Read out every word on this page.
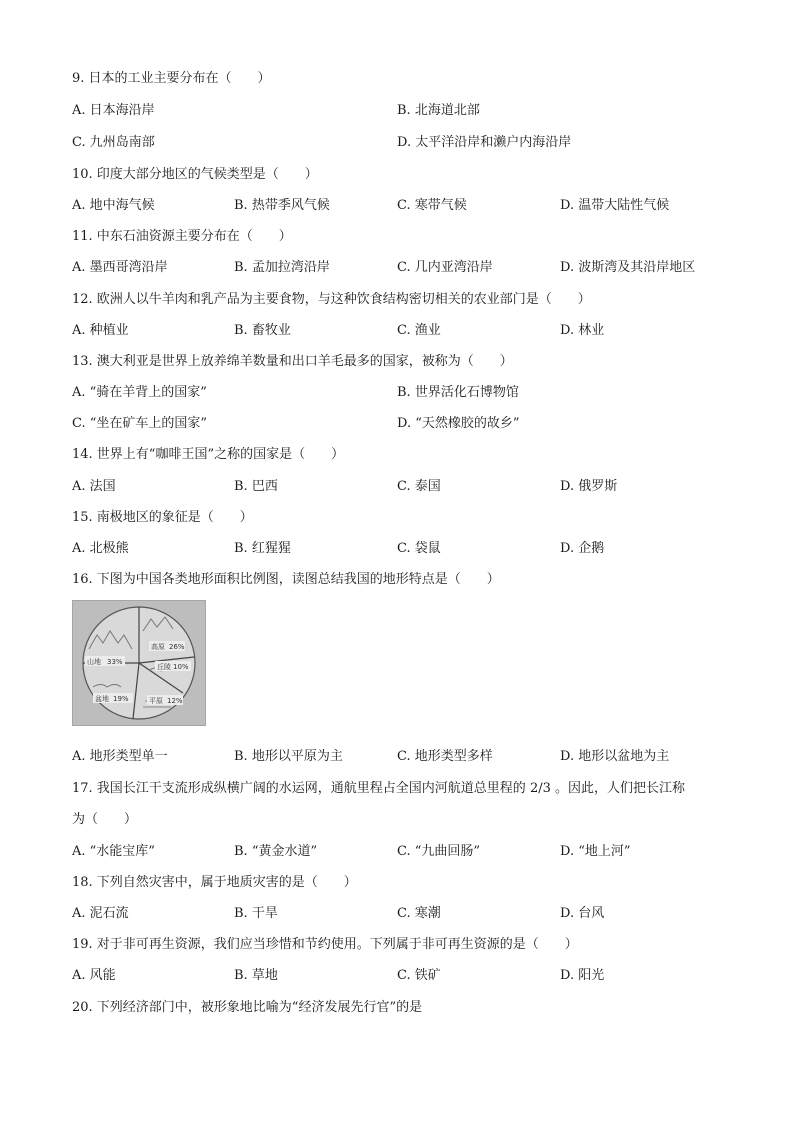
9. 日本的工业主要分布在（　　）
A. 日本海沿岸	B. 北海道北部
C. 九州岛南部	D. 太平洋沿岸和濑户内海沿岸
10. 印度大部分地区的气候类型是（　　）
A. 地中海气候	B. 热带季风气候	C. 寒带气候	D. 温带大陆性气候
11. 中东石油资源主要分布在（　　）
A. 墨西哥湾沿岸	B. 孟加拉湾沿岸	C. 几内亚湾沿岸	D. 波斯湾及其沿岸地区
12. 欧洲人以牛羊肉和乳产品为主要食物，与这种饮食结构密切相关的农业部门是（　　）
A. 种植业	B. 畜牧业	C. 渔业	D. 林业
13. 澳大利亚是世界上放养绵羊数量和出口羊毛最多的国家，被称为（　　）
A. “骑在羊背上的国家”	B. 世界活化石博物馆
C. “坐在矿车上的国家”	D. “天然橡胶的故乡”
14. 世界上有“咖啡王国”之称的国家是（　　）
A. 法国	B. 巴西	C. 泰国	D. 俄罗斯
15. 南极地区的象征是（　　）
A. 北极熊	B. 红猩猩	C. 袋鼠	D. 企鹅
16. 下图为中国各类地形面积比例图，读图总结我国的地形特点是（　　）
高原 26%
山地 33%
丘陵 10%
盆地 19%	平原 12%
A. 地形类型单一	B. 地形以平原为主	C. 地形类型多样	D. 地形以盆地为主
17. 我国长江干支流形成纵横广阔的水运网，通航里程占全国内河航道总里程的 2/3 。因此，人们把长江称
为（　　）
A. “水能宝库”	B. “黄金水道”	C. “九曲回肠”	D. “地上河”
18. 下列自然灾害中，属于地质灾害的是（　　）
A. 泥石流	B. 干旱	C. 寒潮	D. 台风
19. 对于非可再生资源，我们应当珍惜和节约使用。下列属于非可再生资源的是（　　）
A. 风能	B. 草地	C. 铁矿	D. 阳光
20. 下列经济部门中，被形象地比喻为“经济发展先行官”的是
